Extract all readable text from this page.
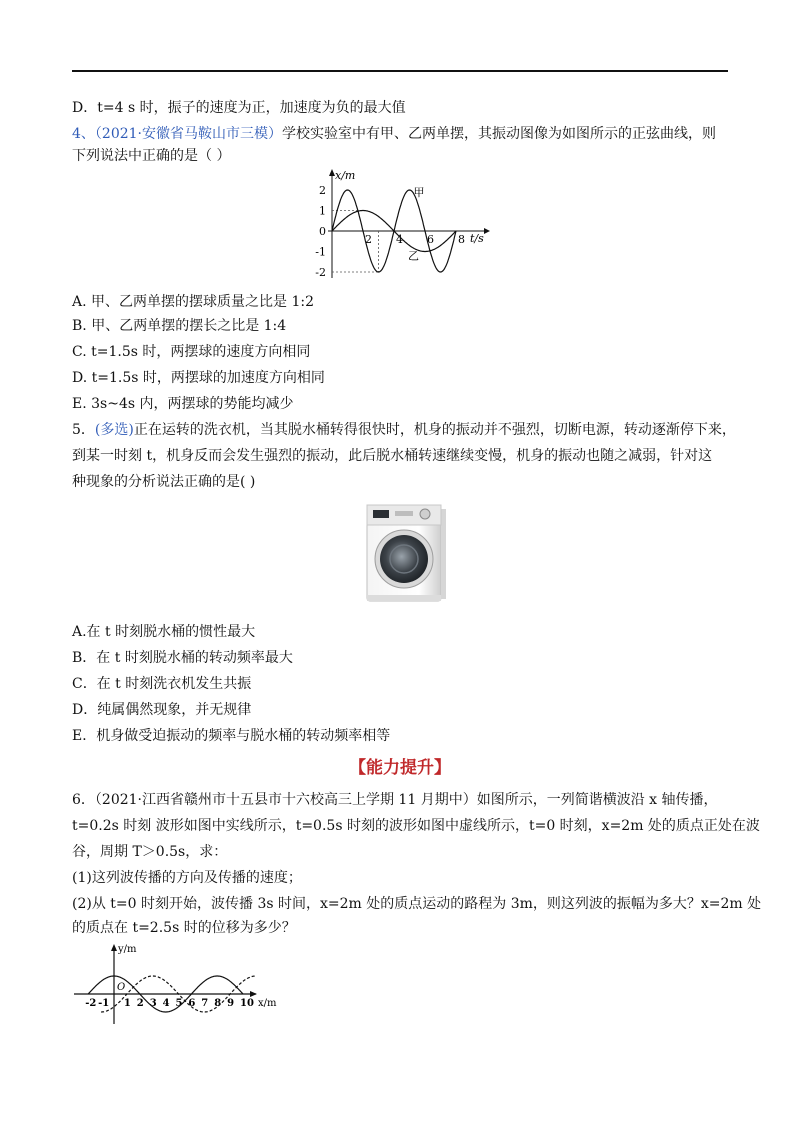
D．t=4 s 时，振子的速度为正，加速度为负的最大值
4、（2021·安徽省马鞍山市三模）学校实验室中有甲、乙两单摆，其振动图像为如图所示的正弦曲线，则
下列说法中正确的是（ ）
x/m
t/s
2
1
0
-1
-2
2 4 6 8
甲
乙
A. 甲、乙两单摆的摆球质量之比是 1:2
B. 甲、乙两单摆的摆长之比是 1:4
C. t=1.5s 时，两摆球的速度方向相同
D. t=1.5s 时，两摆球的加速度方向相同
E. 3s~4s 内，两摆球的势能均减少
5．(多选)正在运转的洗衣机，当其脱水桶转得很快时，机身的振动并不强烈，切断电源，转动逐渐停下来，
到某一时刻 t，机身反而会发生强烈的振动，此后脱水桶转速继续变慢，机身的振动也随之减弱，针对这
种现象的分析说法正确的是( )
A.在 t 时刻脱水桶的惯性最大
B．在 t 时刻脱水桶的转动频率最大
C．在 t 时刻洗衣机发生共振
D．纯属偶然现象，并无规律
E．机身做受迫振动的频率与脱水桶的转动频率相等
【能力提升】
6．（2021·江西省赣州市十五县市十六校高三上学期 11 月期中）如图所示，一列简谐横波沿 x 轴传播，
t=0.2s 时刻 波形如图中实线所示，t=0.5s 时刻的波形如图中虚线所示，t=0 时刻，x=2m 处的质点正处在波
谷，周期 T＞0.5s，求：
(1)这列波传播的方向及传播的速度；
(2)从 t=0 时刻开始，波传播 3s 时间，x=2m 处的质点运动的路程为 3m，则这列波的振幅为多大？x=2m 处
的质点在 t=2.5s 时的位移为多少？
y/m
x/m
O
-2 -1 1 2 3 4 5 6 7 8 9 10
